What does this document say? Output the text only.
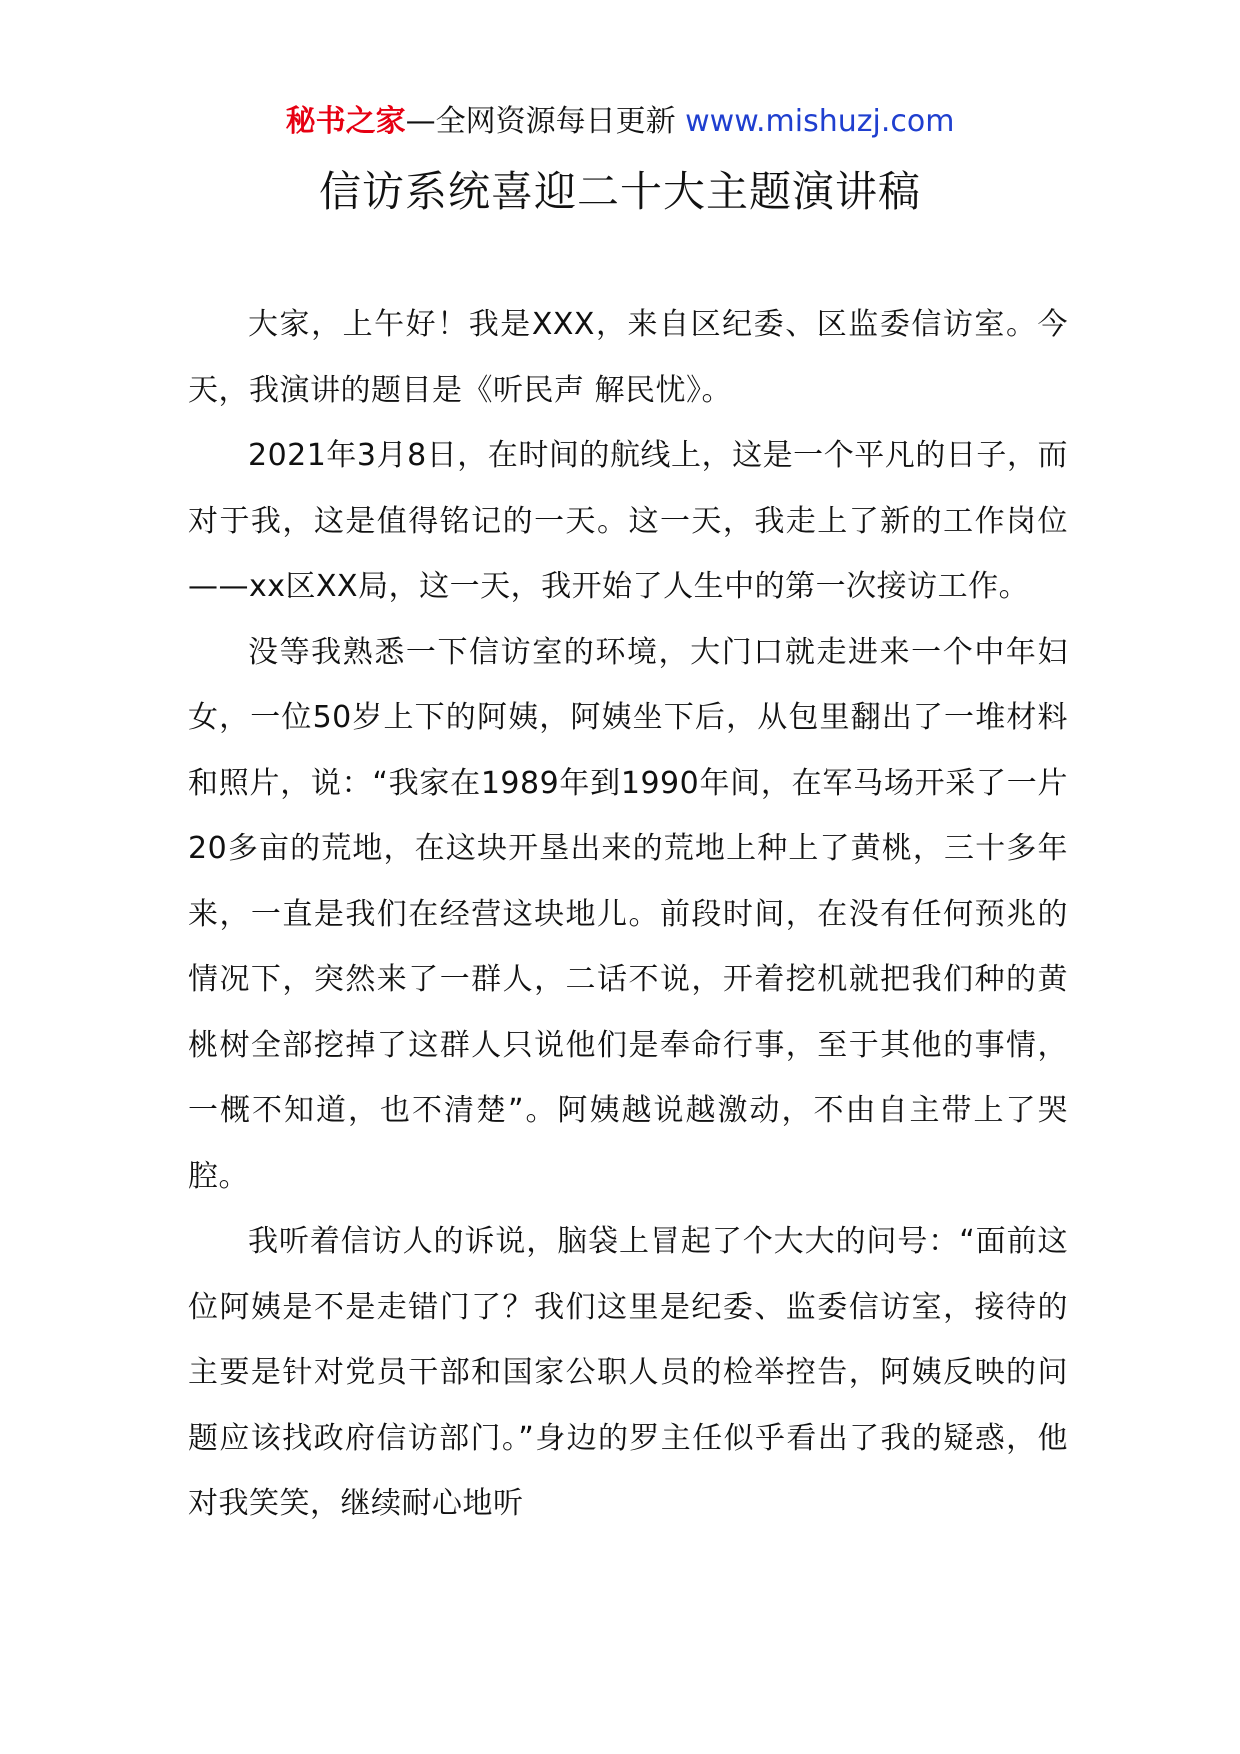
秘书之家—全网资源每日更新 www.mishuzj.com
信访系统喜迎二十大主题演讲稿

大家，上午好！我是XXX，来自区纪委、区监委信访室。今天，我演讲的题目是《听民声 解民忧》。

2021年3月8日，在时间的航线上，这是一个平凡的日子，而对于我，这是值得铭记的一天。这一天，我走上了新的工作岗位——xx区XX局，这一天，我开始了人生中的第一次接访工作。

没等我熟悉一下信访室的环境，大门口就走进来一个中年妇女，一位50岁上下的阿姨，阿姨坐下后，从包里翻出了一堆材料和照片，说：“我家在1989年到1990年间，在军马场开采了一片20多亩的荒地，在这块开垦出来的荒地上种上了黄桃，三十多年来，一直是我们在经营这块地儿。前段时间，在没有任何预兆的情况下，突然来了一群人，二话不说，开着挖机就把我们种的黄桃树全部挖掉了这群人只说他们是奉命行事，至于其他的事情，一概不知道，也不清楚”。阿姨越说越激动，不由自主带上了哭腔。

我听着信访人的诉说，脑袋上冒起了个大大的问号：“面前这位阿姨是不是走错门了？我们这里是纪委、监委信访室，接待的主要是针对党员干部和国家公职人员的检举控告，阿姨反映的问题应该找政府信访部门。”身边的罗主任似乎看出了我的疑惑，他对我笑笑，继续耐心地听
